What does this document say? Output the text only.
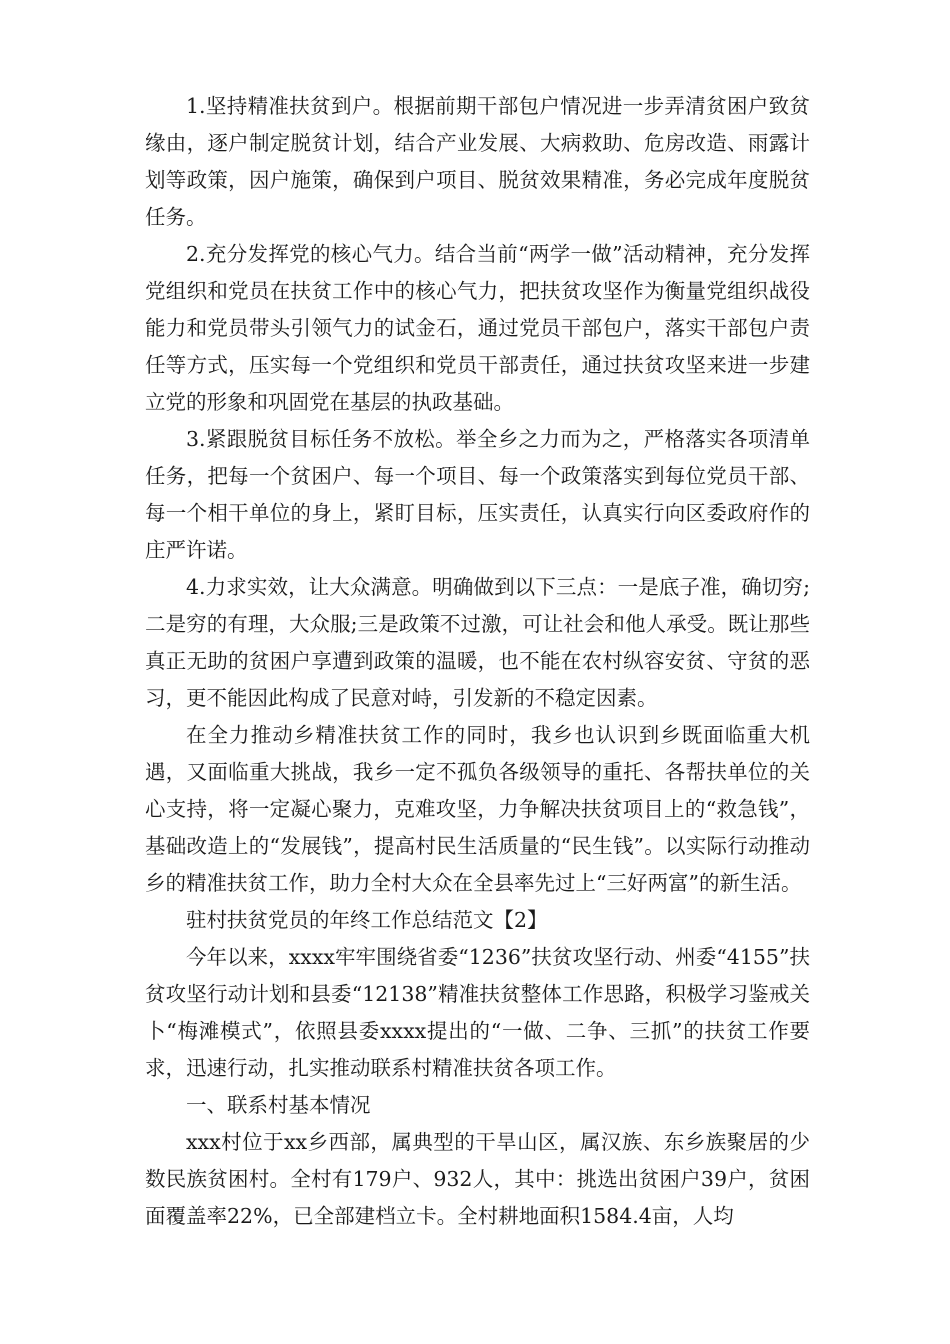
1.坚持精准扶贫到户。根据前期干部包户情况进一步弄清贫困户致贫缘由，逐户制定脱贫计划，结合产业发展、大病救助、危房改造、雨露计划等政策，因户施策，确保到户项目、脱贫效果精准，务必完成年度脱贫任务。

2.充分发挥党的核心气力。结合当前“两学一做”活动精神，充分发挥党组织和党员在扶贫工作中的核心气力，把扶贫攻坚作为衡量党组织战役能力和党员带头引领气力的试金石，通过党员干部包户，落实干部包户责任等方式，压实每一个党组织和党员干部责任，通过扶贫攻坚来进一步建立党的形象和巩固党在基层的执政基础。

3.紧跟脱贫目标任务不放松。举全乡之力而为之，严格落实各项清单任务，把每一个贫困户、每一个项目、每一个政策落实到每位党员干部、每一个相干单位的身上，紧盯目标，压实责任，认真实行向区委政府作的庄严许诺。

4.力求实效，让大众满意。明确做到以下三点：一是底子准，确切穷;二是穷的有理，大众服;三是政策不过激，可让社会和他人承受。既让那些真正无助的贫困户享遭到政策的温暖，也不能在农村纵容安贫、守贫的恶习，更不能因此构成了民意对峙，引发新的不稳定因素。

在全力推动乡精准扶贫工作的同时，我乡也认识到乡既面临重大机遇，又面临重大挑战，我乡一定不孤负各级领导的重托、各帮扶单位的关心支持，将一定凝心聚力，克难攻坚，力争解决扶贫项目上的“救急钱”，基础改造上的“发展钱”，提高村民生活质量的“民生钱”。以实际行动推动乡的精准扶贫工作，助力全村大众在全县率先过上“三好两富”的新生活。

驻村扶贫党员的年终工作总结范文【2】

今年以来，xxxx牢牢围绕省委“1236”扶贫攻坚行动、州委“4155”扶贫攻坚行动计划和县委“12138”精准扶贫整体工作思路，积极学习鉴戒关卜“梅滩模式”，依照县委xxxx提出的“一做、二争、三抓”的扶贫工作要求，迅速行动，扎实推动联系村精准扶贫各项工作。

一、联系村基本情况

xxx村位于xx乡西部，属典型的干旱山区，属汉族、东乡族聚居的少数民族贫困村。全村有179户、932人，其中：挑选出贫困户39户，贫困面覆盖率22%，已全部建档立卡。全村耕地面积1584.4亩，人均
